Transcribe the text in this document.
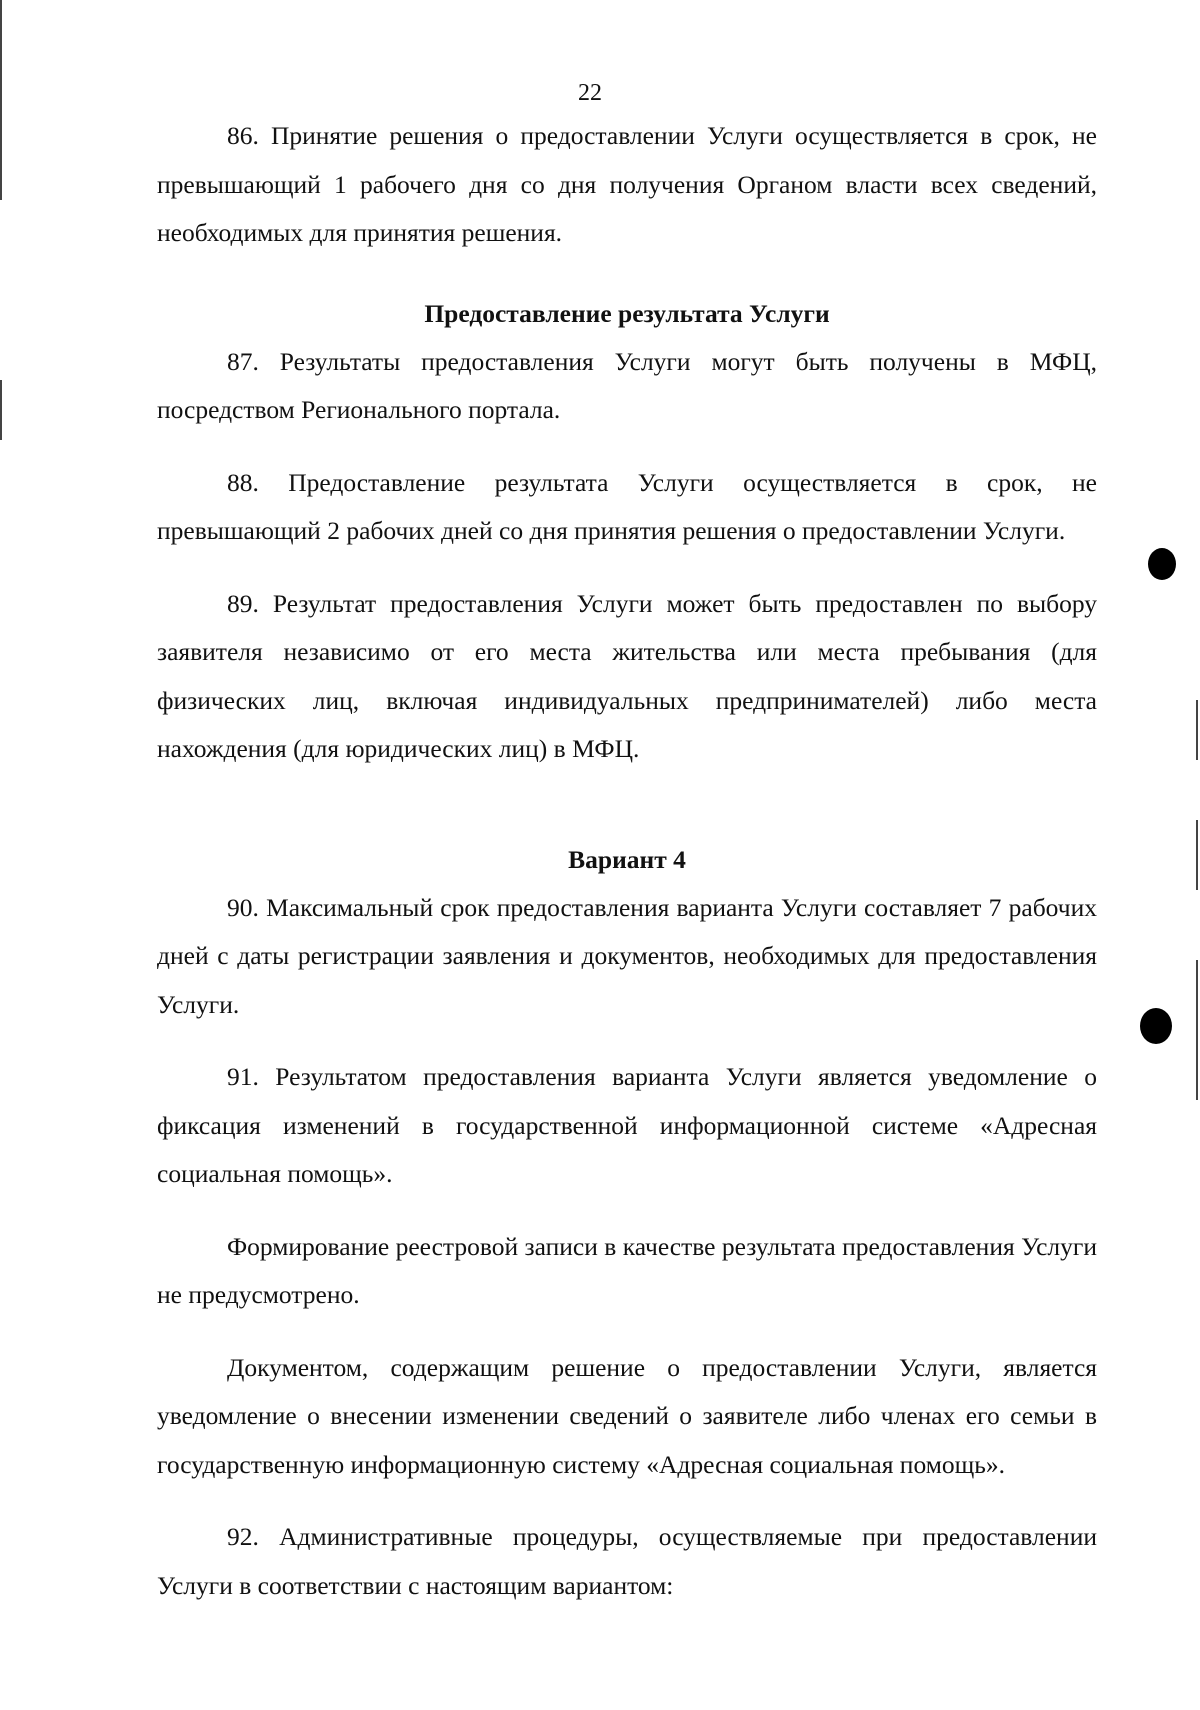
22

86. Принятие решения о предоставлении Услуги осуществляется в срок, не превышающий 1 рабочего дня со дня получения Органом власти всех сведений, необходимых для принятия решения.

Предоставление результата Услуги

87. Результаты предоставления Услуги могут быть получены в МФЦ, посредством Регионального портала.

88. Предоставление результата Услуги осуществляется в срок, не превышающий 2 рабочих дней со дня принятия решения о предоставлении Услуги.

89. Результат предоставления Услуги может быть предоставлен по выбору заявителя независимо от его места жительства или места пребывания (для физических лиц, включая индивидуальных предпринимателей) либо места нахождения (для юридических лиц) в МФЦ.

Вариант 4

90. Максимальный срок предоставления варианта Услуги составляет 7 рабочих дней с даты регистрации заявления и документов, необходимых для предоставления Услуги.

91. Результатом предоставления варианта Услуги является уведомление о фиксация изменений в государственной информационной системе «Адресная социальная помощь».

Формирование реестровой записи в качестве результата предоставления Услуги не предусмотрено.

Документом, содержащим решение о предоставлении Услуги, является уведомление о внесении изменении сведений о заявителе либо членах его семьи в государственную информационную систему «Адресная социальная помощь».

92. Административные процедуры, осуществляемые при предоставлении Услуги в соответствии с настоящим вариантом:
